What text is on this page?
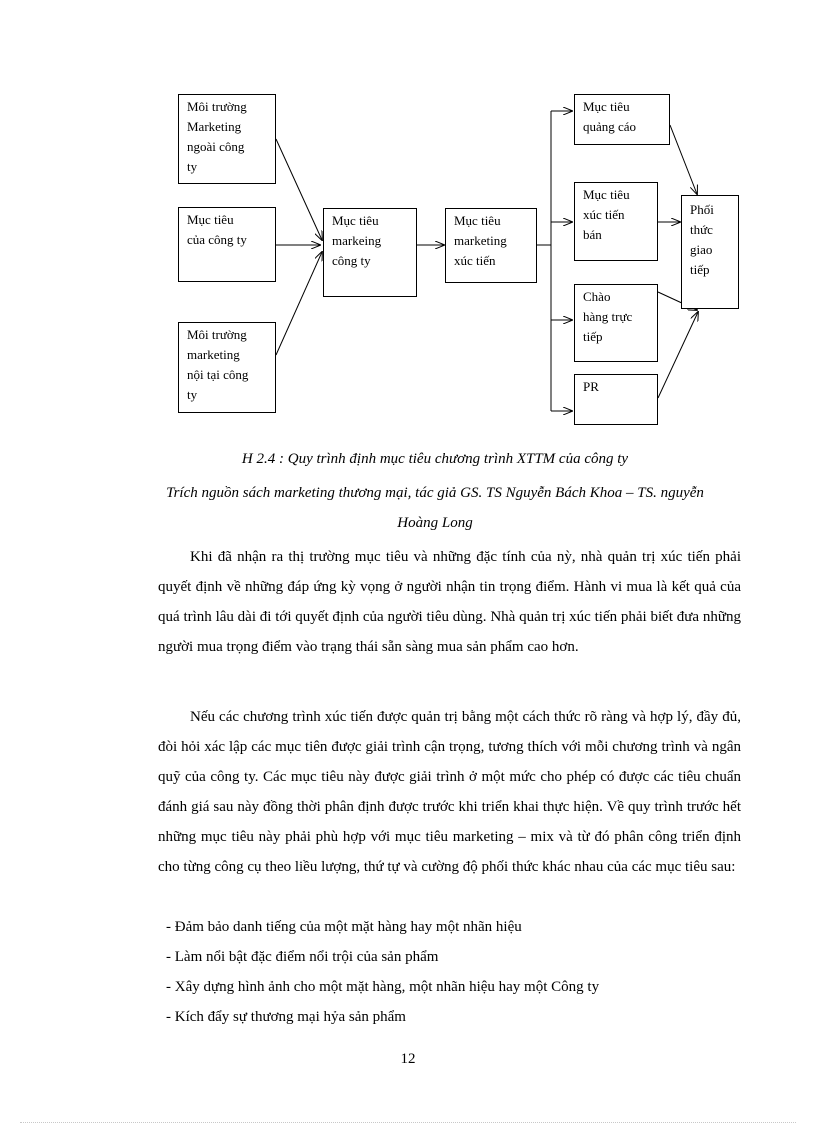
Môi trường
Marketing
ngoài công
ty
Mục tiêu
của công ty
Môi trường
marketing
nội tại công
ty
Mục tiêu
markeing
công ty
Mục tiêu
marketing
xúc tiến
Mục tiêu
quảng cáo
Mục tiêu
xúc tiến
bán
Chào
hàng trực
tiếp
PR
Phối
thức
giao
tiếp
H 2.4 : Quy trình định mục tiêu chương trình XTTM của công ty
Trích nguồn sách marketing thương mại, tác giả GS. TS Nguyễn Bách Khoa – TS. nguyễn
Hoàng Long

Khi đã nhận ra thị trường mục tiêu và những đặc tính của nỳ, nhà quản trị xúc tiến phải quyết định về những đáp ứng kỳ vọng ở người nhận tin trọng điểm. Hành vi mua là kết quả của quá trình lâu dài đi tới quyết định của người tiêu dùng. Nhà quản trị xúc tiến phải biết đưa những người mua trọng điểm vào trạng thái sẵn sàng mua sản phẩm cao hơn.

Nếu các chương trình xúc tiến được quản trị bằng một cách thức rõ ràng và hợp lý, đầy đủ, đòi hỏi xác lập các mục tiên được giải trình cận trọng, tương thích với mỗi chương trình và ngân quỹ của công ty. Các mục tiêu này được giải trình ở một mức cho phép có được các tiêu chuẩn đánh giá sau này đồng thời phân định được trước khi triển khai thực hiện. Về quy trình trước hết những mục tiêu này phải phù hợp với mục tiêu marketing – mix và từ đó phân công triển định cho từng công cụ theo liều lượng, thứ tự và cường độ phối thức khác nhau của các mục tiêu sau:

- Đảm bảo danh tiếng của một mặt hàng hay một nhãn hiệu

- Làm nổi bật đặc điểm nổi trội của sản phẩm

- Xây dựng hình ảnh cho một mặt hàng, một nhãn hiệu hay một Công ty

- Kích đẩy sự thương mại hỷa sản phẩm

12
